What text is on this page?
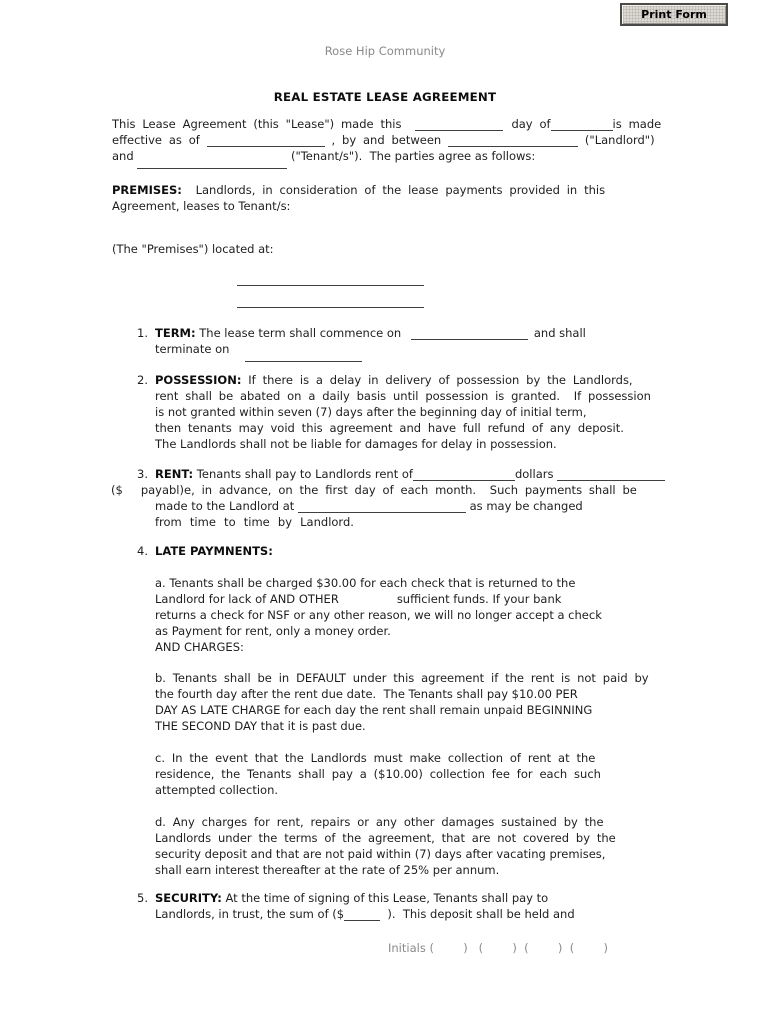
Print Form
Rose Hip Community
REAL ESTATE LEASE AGREEMENT
This Lease Agreement (this "Lease") made this	day of	is made
effective as of	, by and between	("Landlord")
and	("Tenant/s").  The parties agree as follows:
PREMISES:  Landlords, in consideration of the lease payments provided in this
Agreement, leases to Tenant/s:
(The "Premises") located at:
1. TERM: The lease term shall commence on	and shall
terminate on
2. POSSESSION: If there is a delay in delivery of possession by the Landlords,
rent shall be abated on a daily basis until possession is granted.  If possession
is not granted within seven (7) days after the beginning day of initial term,
then tenants may void this agreement and have full refund of any deposit.
The Landlords shall not be liable for damages for delay in possession.
3. RENT: Tenants shall pay to Landlords rent of	dollars
($ payabl)e, in advance, on the first day of each month.  Such payments shall be
made to the Landlord at	as may be changed
from time to time by Landlord.
4. LATE PAYMNENTS:
a. Tenants shall be charged $30.00 for each check that is returned to the
Landlord for lack of AND OTHER	sufficient funds. If your bank
returns a check for NSF or any other reason, we will no longer accept a check
as Payment for rent, only a money order.
AND CHARGES:
b. Tenants shall be in DEFAULT under this agreement if the rent is not paid by
the fourth day after the rent due date.  The Tenants shall pay $10.00 PER
DAY AS LATE CHARGE for each day the rent shall remain unpaid BEGINNING
THE SECOND DAY that it is past due.
c. In the event that the Landlords must make collection of rent at the
residence, the Tenants shall pay a ($10.00) collection fee for each such
attempted collection.
d. Any charges for rent, repairs or any other damages sustained by the
Landlords under the terms of the agreement, that are not covered by the
security deposit and that are not paid within (7) days after vacating premises,
shall earn interest thereafter at the rate of 25% per annum.
5. SECURITY: At the time of signing of this Lease, Tenants shall pay to
Landlords, in trust, the sum of ($	).  This deposit shall be held and
Initials (        )   (        )  (        )  (        )
